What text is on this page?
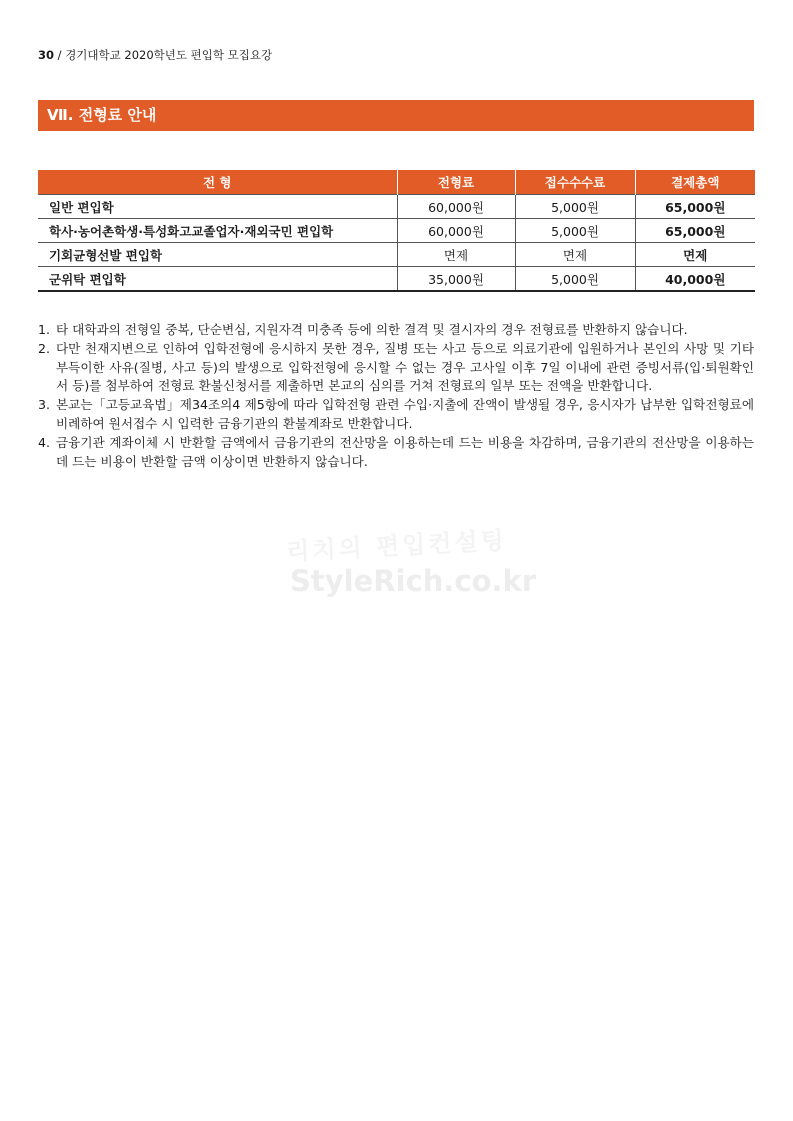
30 / 경기대학교 2020학년도 편입학 모집요강
Ⅶ. 전형료 안내
전 형	전형료	접수수수료	결제총액
일반 편입학	60,000원	5,000원	65,000원
학사·농어촌학생·특성화고교졸업자·재외국민 편입학	60,000원	5,000원	65,000원
기회균형선발 편입학	면제	면제	면제
군위탁 편입학	35,000원	5,000원	40,000원
1. 타 대학과의 전형일 중복, 단순변심, 지원자격 미충족 등에 의한 결격 및 결시자의 경우 전형료를 반환하지 않습니다.
2. 다만 천재지변으로 인하여 입학전형에 응시하지 못한 경우, 질병 또는 사고 등으로 의료기관에 입원하거나 본인의 사망 및 기타 부득이한 사유(질병, 사고 등)의 발생으로 입학전형에 응시할 수 없는 경우 고사일 이후 7일 이내에 관련 증빙서류(입·퇴원확인서 등)를 첨부하여 전형료 환불신청서를 제출하면 본교의 심의를 거쳐 전형료의 일부 또는 전액을 반환합니다.
3. 본교는「고등교육법」제34조의4 제5항에 따라 입학전형 관련 수입·지출에 잔액이 발생될 경우, 응시자가 납부한 입학전형료에 비례하여 원서접수 시 입력한 금융기관의 환불계좌로 반환합니다.
4. 금융기관 계좌이체 시 반환할 금액에서 금융기관의 전산망을 이용하는데 드는 비용을 차감하며, 금융기관의 전산망을 이용하는데 드는 비용이 반환할 금액 이상이면 반환하지 않습니다.
리치의 편입컨설팅
StyleRich.co.kr
